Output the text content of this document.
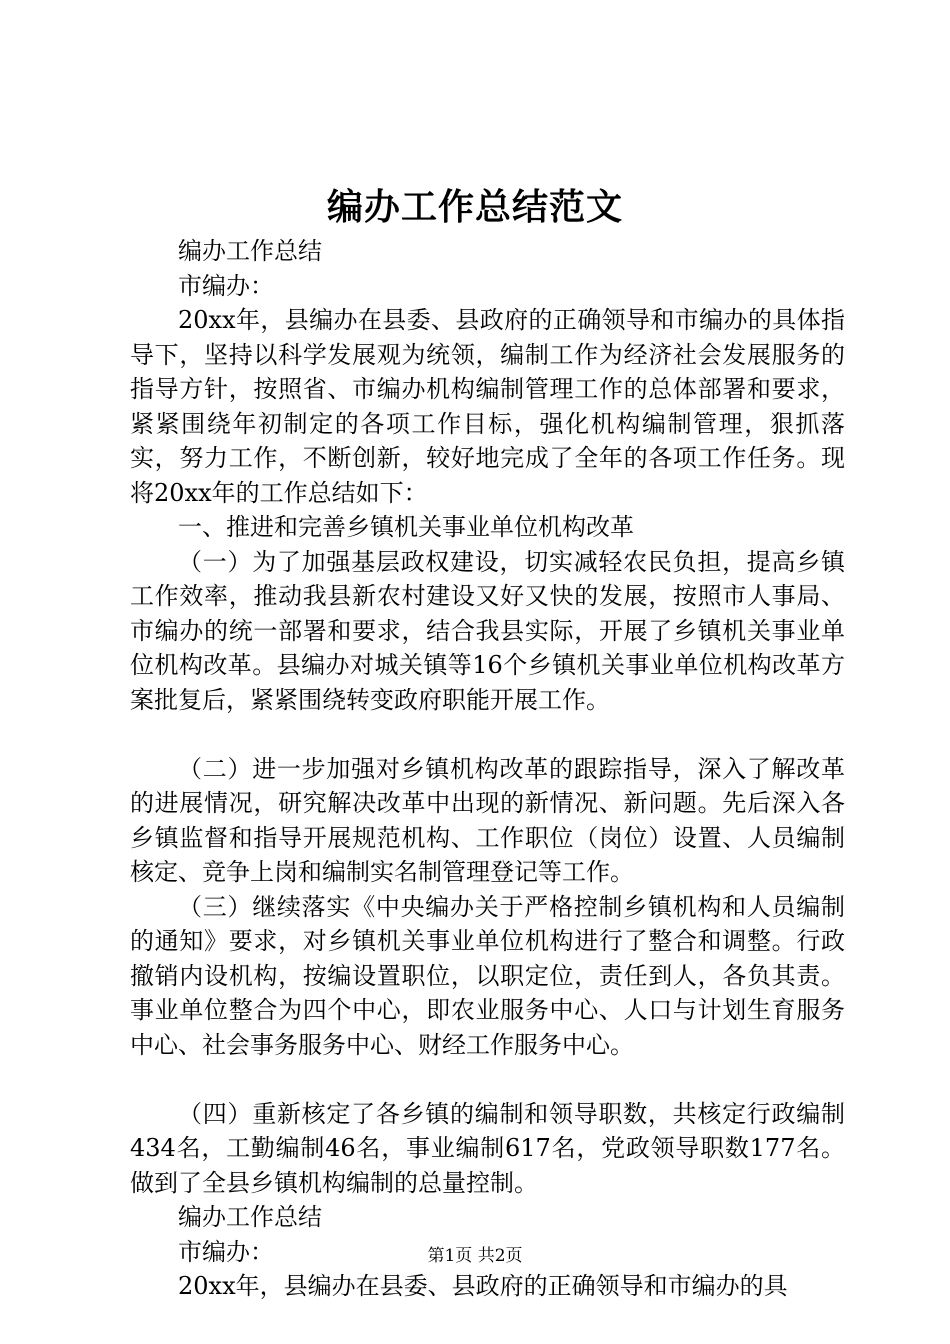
编办工作总结范文

编办工作总结

市编办：

20xx年，县编办在县委、县政府的正确领导和市编办的具体指导下，坚持以科学发展观为统领，编制工作为经济社会发展服务的指导方针，按照省、市编办机构编制管理工作的总体部署和要求，紧紧围绕年初制定的各项工作目标，强化机构编制管理，狠抓落实，努力工作，不断创新，较好地完成了全年的各项工作任务。现将20xx年的工作总结如下：

一、推进和完善乡镇机关事业单位机构改革

（一）为了加强基层政权建设，切实减轻农民负担，提高乡镇工作效率，推动我县新农村建设又好又快的发展，按照市人事局、市编办的统一部署和要求，结合我县实际，开展了乡镇机关事业单位机构改革。县编办对城关镇等16个乡镇机关事业单位机构改革方案批复后，紧紧围绕转变政府职能开展工作。

（二）进一步加强对乡镇机构改革的跟踪指导，深入了解改革的进展情况，研究解决改革中出现的新情况、新问题。先后深入各乡镇监督和指导开展规范机构、工作职位（岗位）设置、人员编制核定、竞争上岗和编制实名制管理登记等工作。

（三）继续落实《中央编办关于严格控制乡镇机构和人员编制的通知》要求，对乡镇机关事业单位机构进行了整合和调整。行政撤销内设机构，按编设置职位，以职定位，责任到人，各负其责。事业单位整合为四个中心，即农业服务中心、人口与计划生育服务中心、社会事务服务中心、财经工作服务中心。

（四）重新核定了各乡镇的编制和领导职数，共核定行政编制434名，工勤编制46名，事业编制617名，党政领导职数177名。做到了全县乡镇机构编制的总量控制。

编办工作总结

市编办：

20xx年，县编办在县委、县政府的正确领导和市编办的具

第1页 共2页
